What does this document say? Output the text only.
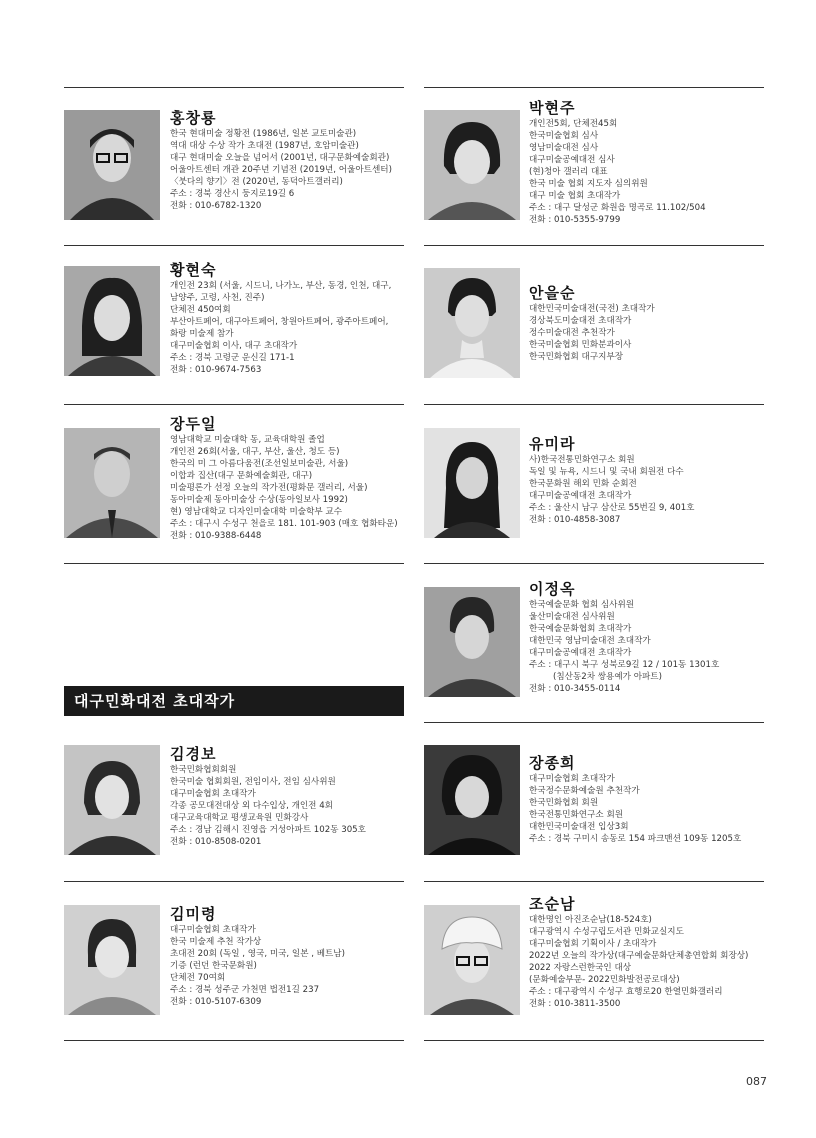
홍창룡
한국 현대미술 정황전 (1986년, 일본 교토미술관)
역대 대상 수상 작가 초대전 (1987년, 호암미술관)
대구 현대미술 오늘을 넘어서 (2001년, 대구문화예술회관)
어울아트센터 개관 20주년 기념전 (2019년, 어울아트센터)
〈붓다의 향기〉전 (2020년, 동덕아트갤러리)
주소 : 경북 경산시 둥지로19길 6
전화 : 010-6782-1320
황현숙
개인전 23회 (서울, 시드니, 나가노, 부산, 동경, 인천, 대구,
남양주, 고령, 사천, 진주)
단체전 450여회
부산아트페어, 대구아트페어, 창원아트페어, 광주아트페어,
화랑 미술제 참가
대구미술협회 이사, 대구 초대작가
주소 : 경북 고령군 운신길 171-1
전화 : 010-9674-7563
장두일
영남대학교 미술대학 동, 교육대학원 졸업
개인전 26회(서울, 대구, 부산, 울산, 청도 등)
한국의 미 그 아름다움전(조선일보미술관, 서울)
이합과 집산(대구 문화예술회관, 대구)
미술평론가 선정 오늘의 작가전(평화문 갤러리, 서울)
동아미술제 동아미술상 수상(동아일보사 1992)
현) 영남대학교 디자인미술대학 미술학부 교수
주소 : 대구시 수성구 천을로 181. 101-903 (매호 협화타운)
전화 : 010-9388-6448
대구민화대전 초대작가
김경보
한국민화협회회원
한국미술 협회회원, 전임이사, 전임 심사위원
대구미술협회 초대작가
각종 공모대전대상 외 다수입상, 개인전 4회
대구교육대학교 평생교육원 민화강사
주소 : 경남 김해시 진영읍 거성아파트 102동 305호
전화 : 010-8508-0201
김미령
대구미술협회 초대작가
한국 미술제 추천 작가상
초대전 20회 (독일 , 영국, 미국, 일본 , 베트남)
기증 (런던 한국문화원)
단체전 70여회
주소 : 경북 성주군 가천면 법전1길 237
전화 : 010-5107-6309
박현주
개인전5회, 단체전45회
한국미술협회 심사
영남미술대전 심사
대구미술공예대전 심사
(현)청아 갤러리 대표
한국 미술 협회 지도자 심의위원
대구 미술 협회 초대작가
주소 : 대구 달성군 화원읍 명곡로 11.102/504
전화 : 010-5355-9799
안을순
대한민국미술대전(국전) 초대작가
경상북도미술대전 초대작가
정수미술대전 추천작가
한국미술협회 민화분과이사
한국민화협회 대구지부장
유미라
사)한국전통민화연구소 회원
독일 및 뉴욕, 시드니 및 국내 회원전 다수
한국문화원 해외 민화 순회전
대구미술공예대전 초대작가
주소 : 울산시 남구 삼산로 55번길 9, 401호
전화 : 010-4858-3087
이정옥
한국예술문화 협회 심사위원
울산미술대전 심사위원
한국예술문화협회 초대작가
대한민국 영남미술대전 초대작가
대구미술공예대전 초대작가
주소 : 대구시 북구 성북로9길 12 / 101동 1301호
(침산동2차 쌍용예가 아파트)
전화 : 010-3455-0114
장종희
대구미술협회 초대작가
한국정수문화예술원 추천작가
한국민화협회 회원
한국전통민화연구소 회원
대한민국미술대전 입상3회
주소 : 경북 구미시 송동로 154 파크맨션 109동 1205호
조순남
대한명인 아진조순남(18-524호)
대구광역시 수성구립도서관 민화교실지도
대구미술협회 기획이사 / 초대작가
2022년 오늘의 작가상(대구예술문화단체총연합회 회장상)
2022 자랑스런한국인 대상
(문화예술부문- 2022민화발전공로대상)
주소 : 대구광역시 수성구 효행로20 한열민화갤러리
전화 : 010-3811-3500
087
